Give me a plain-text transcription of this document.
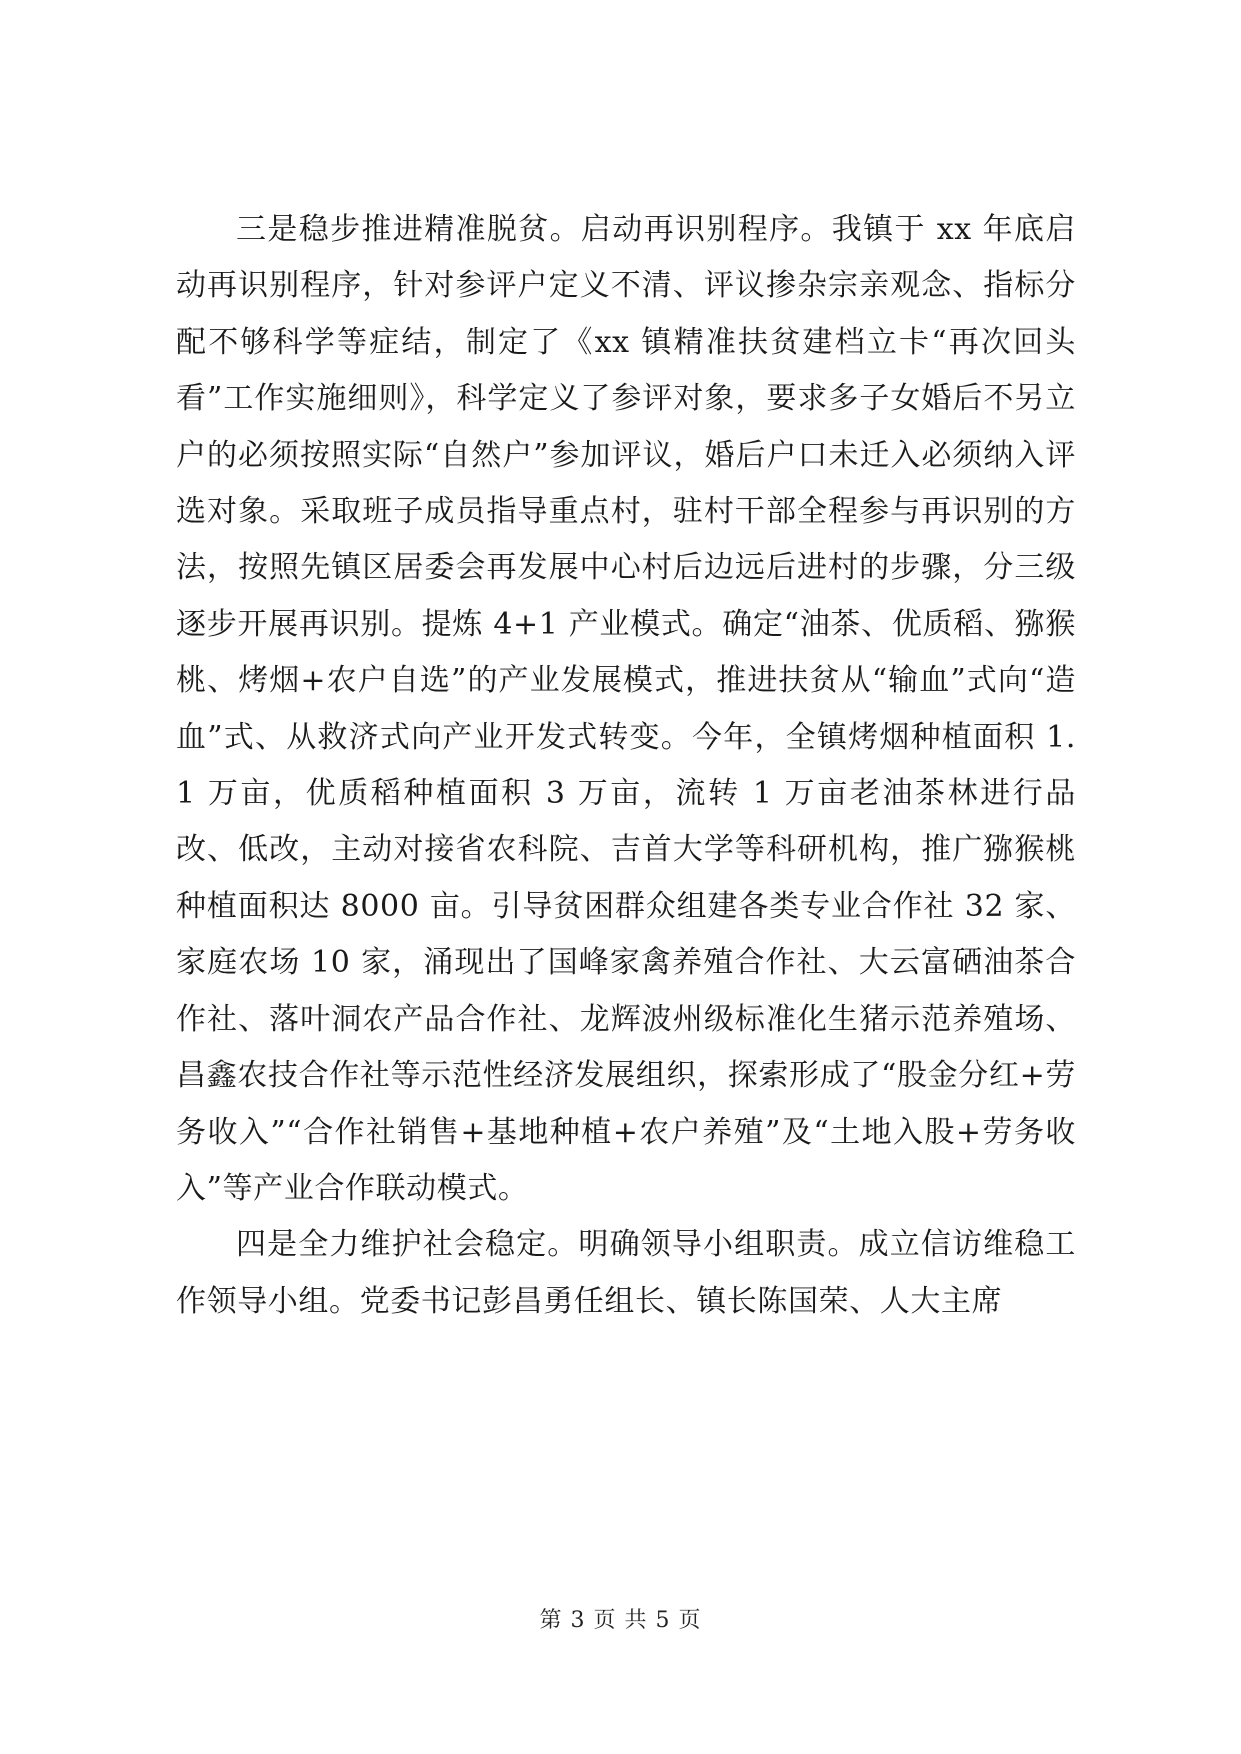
三是稳步推进精准脱贫。启动再识别程序。我镇于 xx 年底启动再识别程序，针对参评户定义不清、评议掺杂宗亲观念、指标分配不够科学等症结，制定了《xx 镇精准扶贫建档立卡“再次回头看”工作实施细则》，科学定义了参评对象，要求多子女婚后不另立户的必须按照实际“自然户”参加评议，婚后户口未迁入必须纳入评选对象。采取班子成员指导重点村，驻村干部全程参与再识别的方法，按照先镇区居委会再发展中心村后边远后进村的步骤，分三级逐步开展再识别。提炼 4+1 产业模式。确定“油茶、优质稻、猕猴桃、烤烟+农户自选”的产业发展模式，推进扶贫从“输血”式向“造血”式、从救济式向产业开发式转变。今年，全镇烤烟种植面积 1.1 万亩，优质稻种植面积 3 万亩，流转 1 万亩老油茶林进行品改、低改，主动对接省农科院、吉首大学等科研机构，推广猕猴桃种植面积达 8000 亩。引导贫困群众组建各类专业合作社 32 家、家庭农场 10 家，涌现出了国峰家禽养殖合作社、大云富硒油茶合作社、落叶洞农产品合作社、龙辉波州级标准化生猪示范养殖场、昌鑫农技合作社等示范性经济发展组织，探索形成了“股金分红+劳务收入”“合作社销售+基地种植+农户养殖”及“土地入股+劳务收入”等产业合作联动模式。

四是全力维护社会稳定。明确领导小组职责。成立信访维稳工作领导小组。党委书记彭昌勇任组长、镇长陈国荣、人大主席

第 3 页 共 5 页
